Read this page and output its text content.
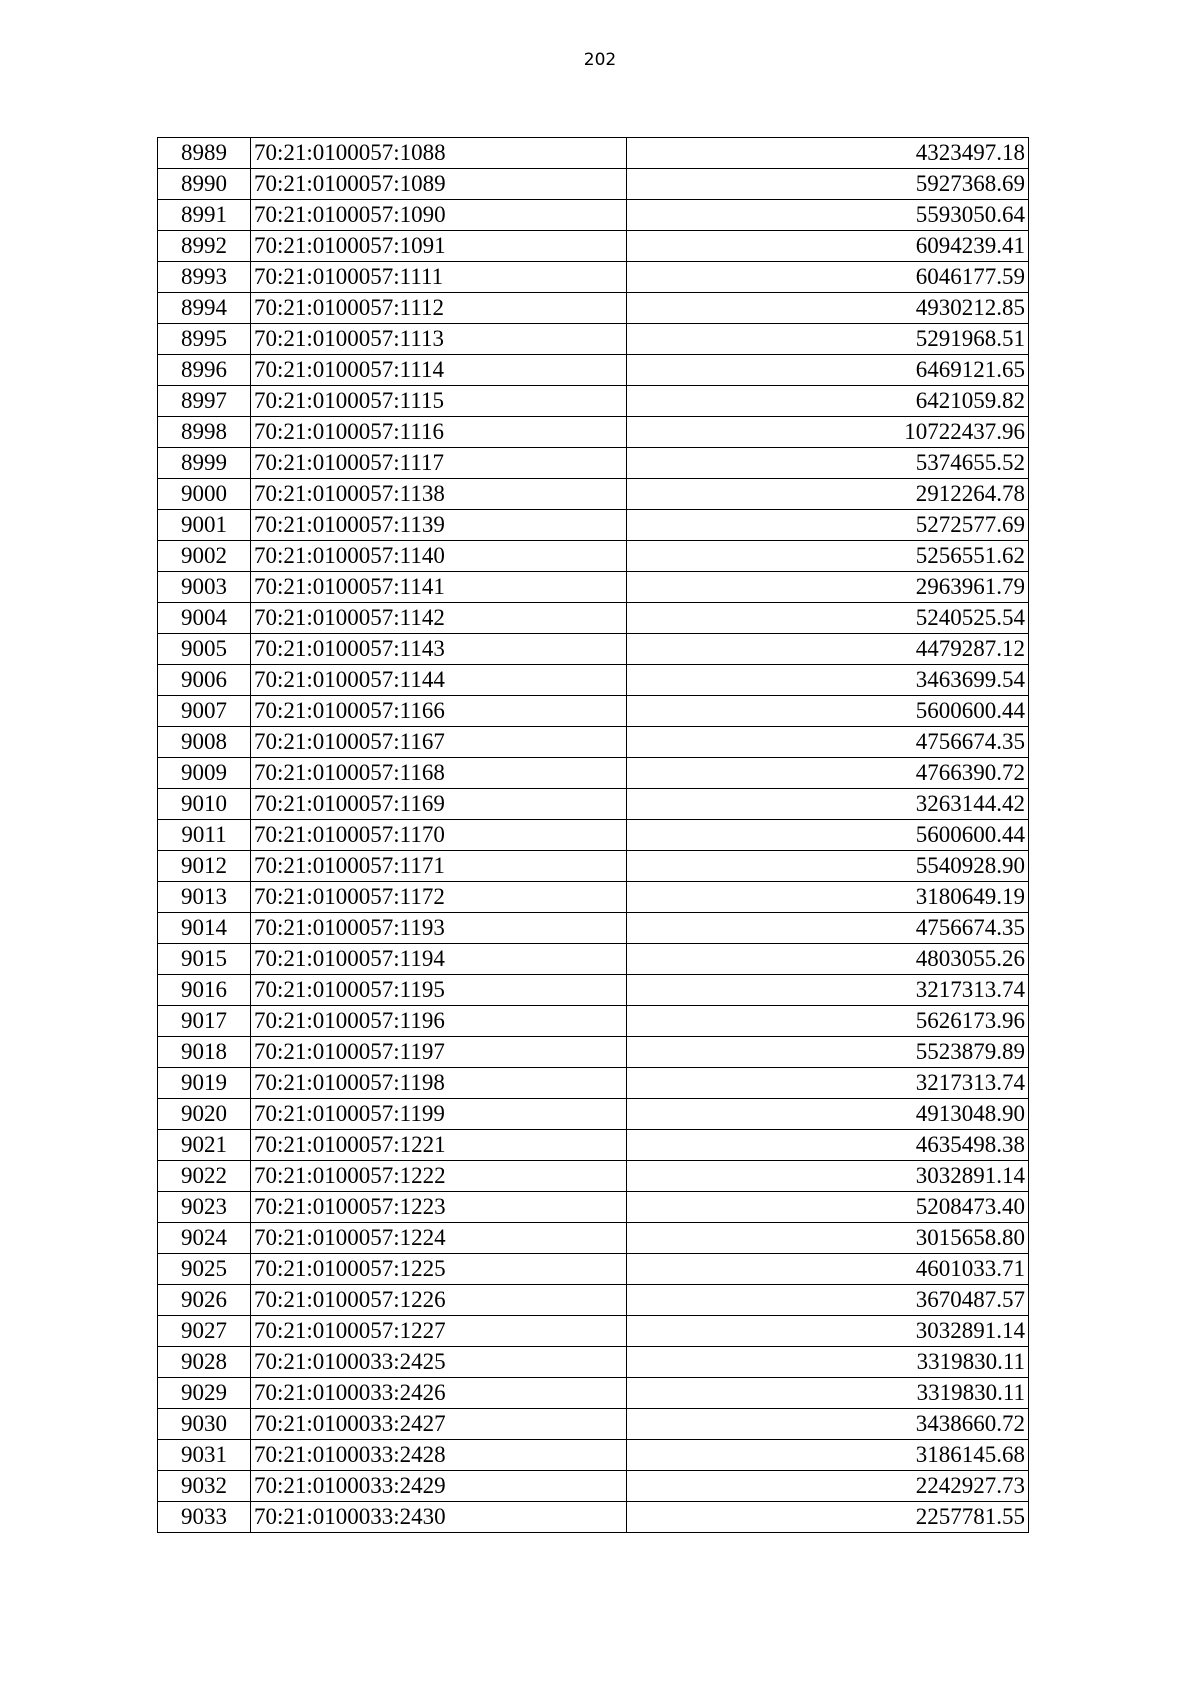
202
8989	70:21:0100057:1088	4323497.18
8990	70:21:0100057:1089	5927368.69
8991	70:21:0100057:1090	5593050.64
8992	70:21:0100057:1091	6094239.41
8993	70:21:0100057:1111	6046177.59
8994	70:21:0100057:1112	4930212.85
8995	70:21:0100057:1113	5291968.51
8996	70:21:0100057:1114	6469121.65
8997	70:21:0100057:1115	6421059.82
8998	70:21:0100057:1116	10722437.96
8999	70:21:0100057:1117	5374655.52
9000	70:21:0100057:1138	2912264.78
9001	70:21:0100057:1139	5272577.69
9002	70:21:0100057:1140	5256551.62
9003	70:21:0100057:1141	2963961.79
9004	70:21:0100057:1142	5240525.54
9005	70:21:0100057:1143	4479287.12
9006	70:21:0100057:1144	3463699.54
9007	70:21:0100057:1166	5600600.44
9008	70:21:0100057:1167	4756674.35
9009	70:21:0100057:1168	4766390.72
9010	70:21:0100057:1169	3263144.42
9011	70:21:0100057:1170	5600600.44
9012	70:21:0100057:1171	5540928.90
9013	70:21:0100057:1172	3180649.19
9014	70:21:0100057:1193	4756674.35
9015	70:21:0100057:1194	4803055.26
9016	70:21:0100057:1195	3217313.74
9017	70:21:0100057:1196	5626173.96
9018	70:21:0100057:1197	5523879.89
9019	70:21:0100057:1198	3217313.74
9020	70:21:0100057:1199	4913048.90
9021	70:21:0100057:1221	4635498.38
9022	70:21:0100057:1222	3032891.14
9023	70:21:0100057:1223	5208473.40
9024	70:21:0100057:1224	3015658.80
9025	70:21:0100057:1225	4601033.71
9026	70:21:0100057:1226	3670487.57
9027	70:21:0100057:1227	3032891.14
9028	70:21:0100033:2425	3319830.11
9029	70:21:0100033:2426	3319830.11
9030	70:21:0100033:2427	3438660.72
9031	70:21:0100033:2428	3186145.68
9032	70:21:0100033:2429	2242927.73
9033	70:21:0100033:2430	2257781.55
